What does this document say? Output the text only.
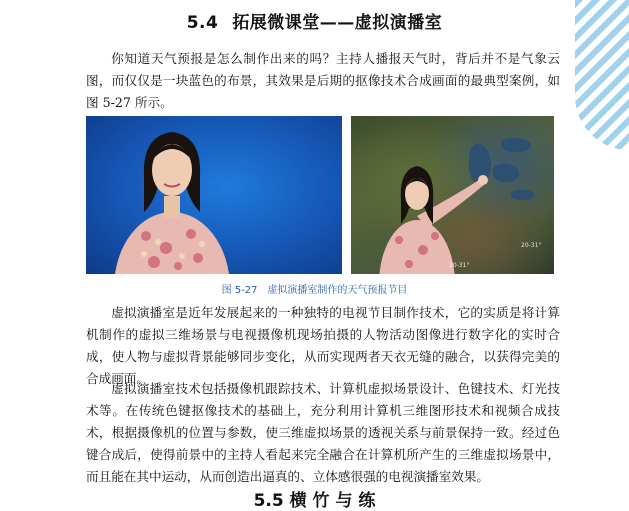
5.4 拓展微课堂——虚拟演播室

你知道天气预报是怎么制作出来的吗？主持人播报天气时，背后并不是气象云图，而仅仅是一块蓝色的布景，其效果是后期的抠像技术合成画面的最典型案例，如图 5-27 所示。

20-31°
20-31°
图 5-27 虚拟演播室制作的天气预报节目

虚拟演播室是近年发展起来的一种独特的电视节目制作技术，它的实质是将计算机制作的虚拟三维场景与电视摄像机现场拍摄的人物活动图像进行数字化的实时合成，使人物与虚拟背景能够同步变化，从而实现两者天衣无缝的融合，以获得完美的合成画面。

虚拟演播室技术包括摄像机跟踪技术、计算机虚拟场景设计、色键技术、灯光技术等。在传统色键抠像技术的基础上，充分利用计算机三维图形技术和视频合成技术，根据摄像机的位置与参数，使三维虚拟场景的透视关系与前景保持一致。经过色键合成后，使得前景中的主持人看起来完全融合在计算机所产生的三维虚拟场景中，而且能在其中运动，从而创造出逼真的、立体感很强的电视演播室效果。

5.5 横 竹 与 练
